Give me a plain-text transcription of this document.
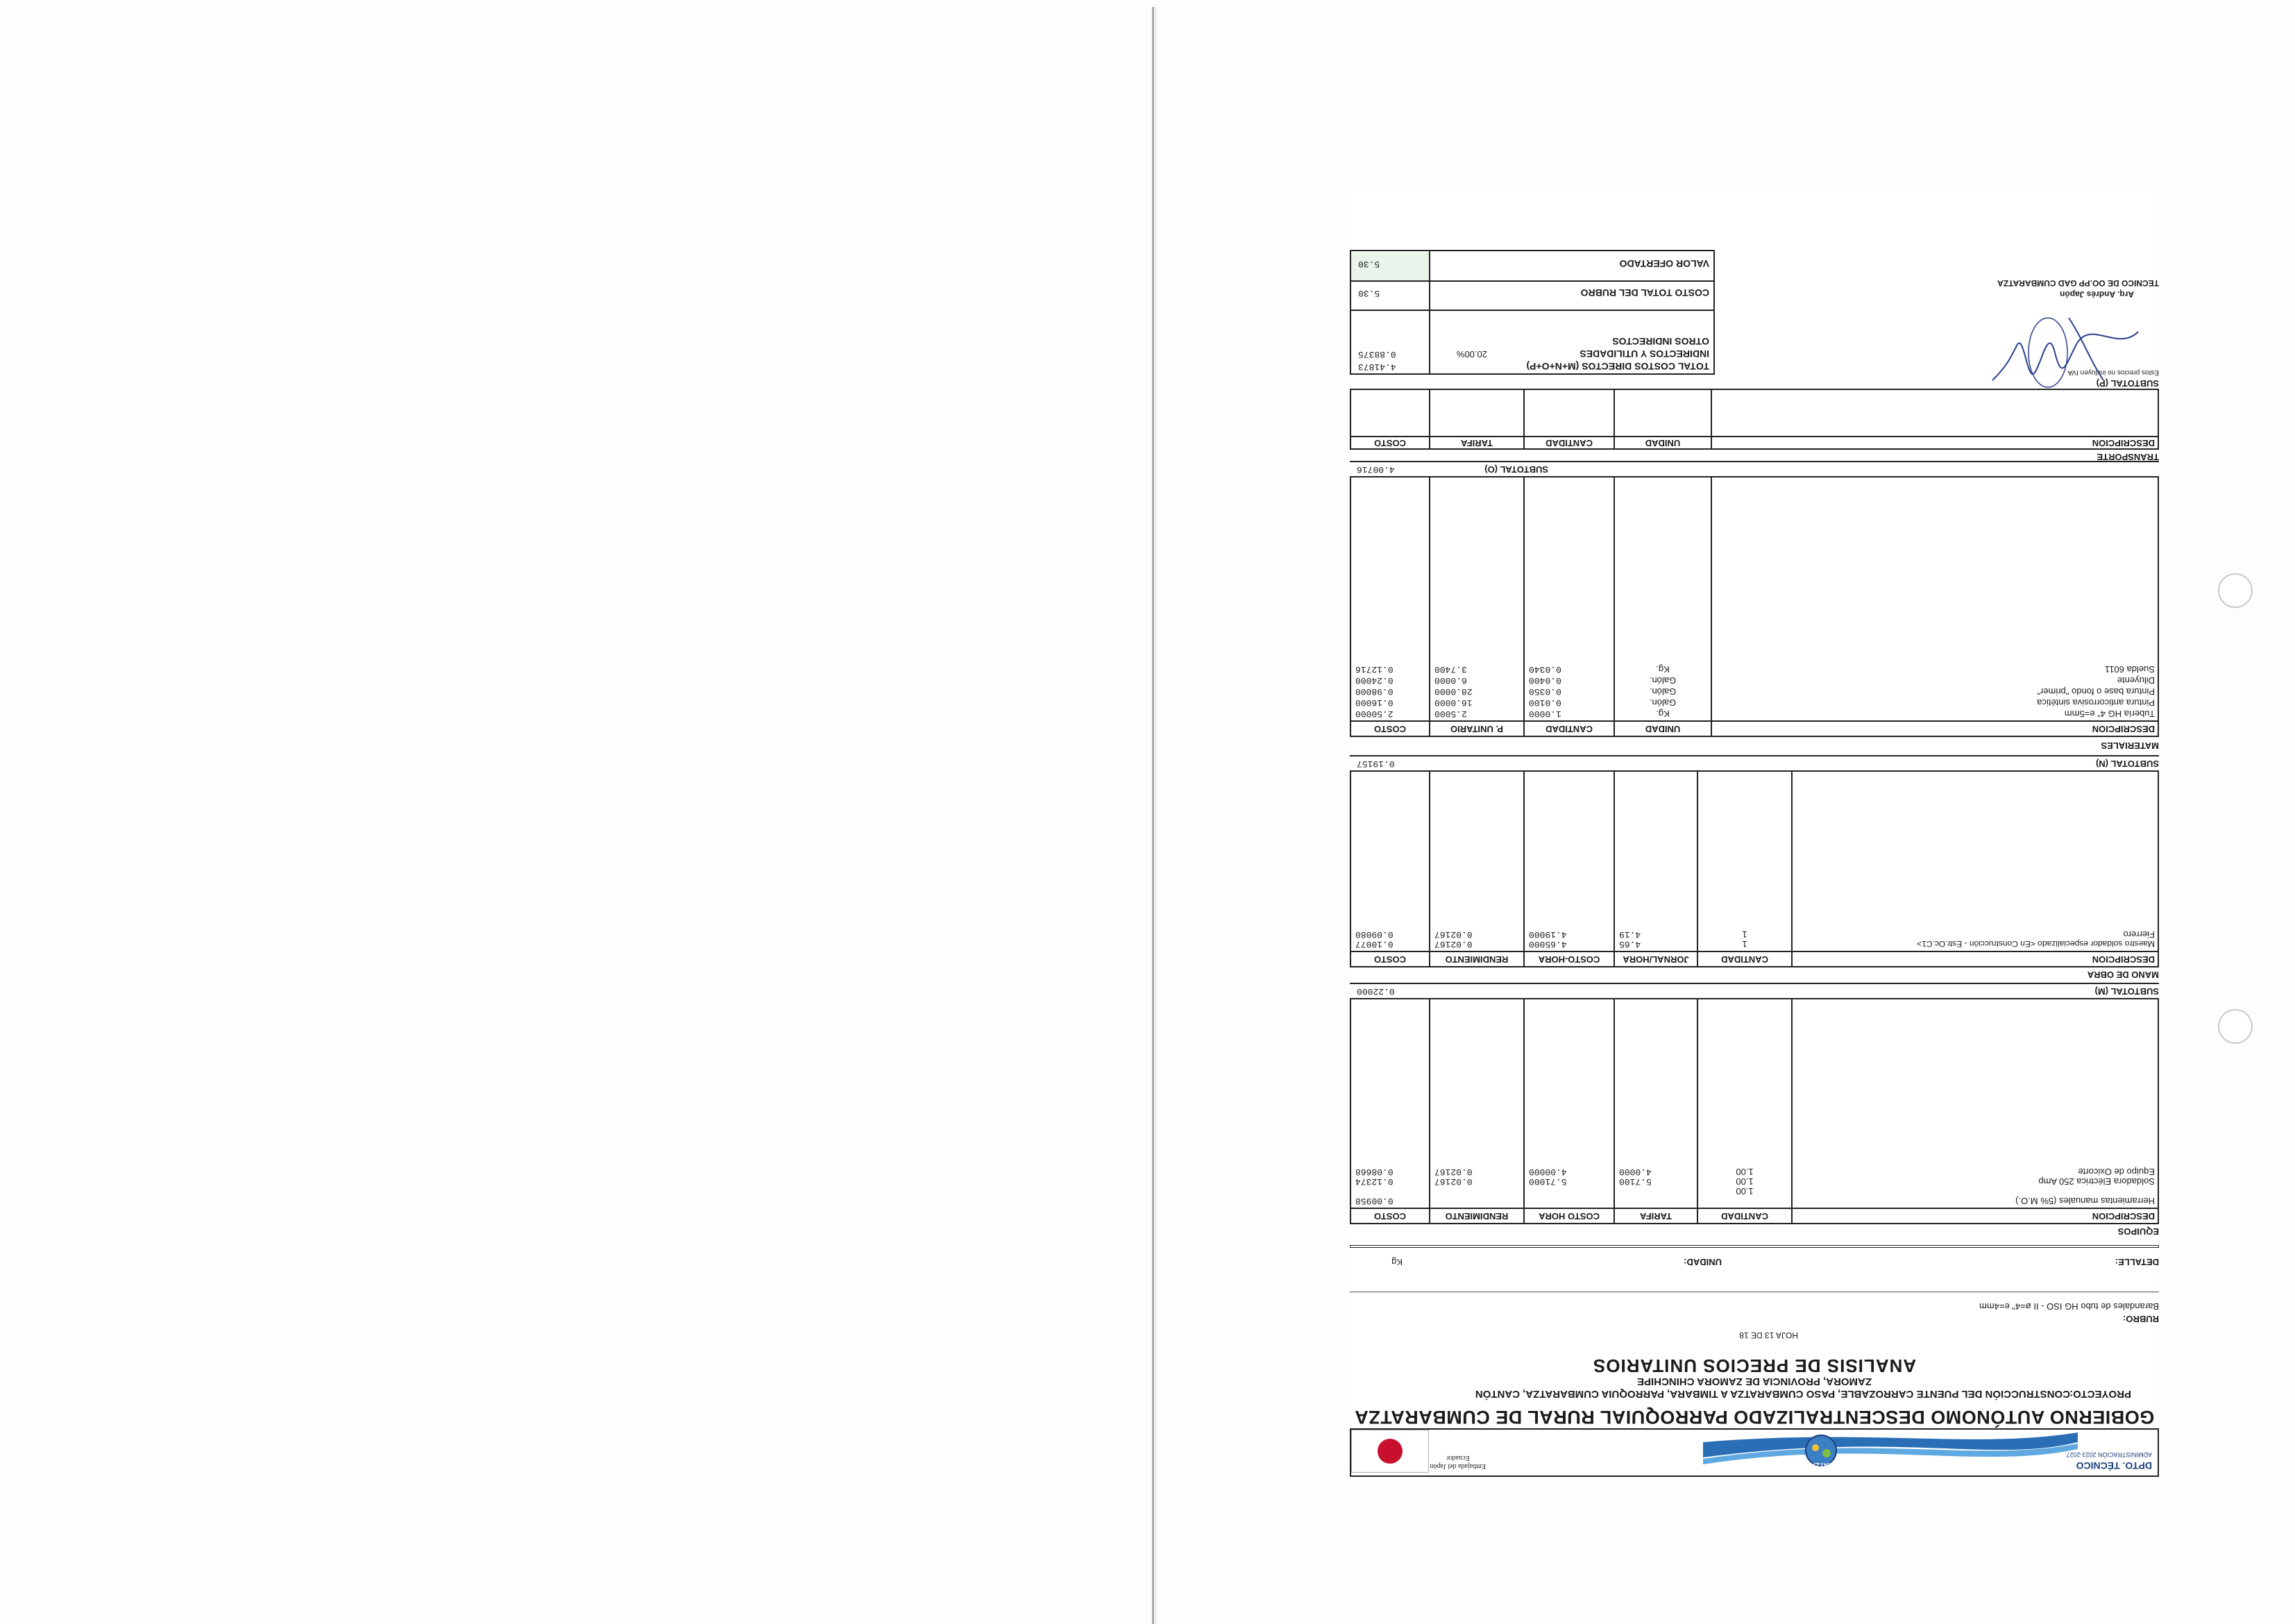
DPTO. TÉCNICO
ADMINISTRACIÓN 2023-2027
CUMBARATZA
Embajada del Japón
Ecuador
GOBIERNO AUTÓNOMO DESCENTRALIZADO PARROQUIAL RURAL DE CUMBARATZA
PROYECTO:
CONSTRUCCIÓN DEL PUENTE CARROZABLE, PASO CUMBARATZA A TIMBARA, PARROQUIA CUMBARATZA, CANTÓN
ZAMORA, PROVINCIA DE ZAMORA CHINCHIPE
ANALISIS DE PRECIOS UNITARIOS
HOJA 13 DE 18
RUBRO:
Barandales de tubo HG ISO - II ø=4" e=4mm
DETALLE:
UNIDAD:
Kg
EQUIPOS
DESCRIPCION
CANTIDAD
TARIFA
COSTO HORA
RENDIMIENTO
COSTO
Herramientas manuales (5% M.O.)
1.00
0.00958
Soldadora Eléctrica 250 Amp
1.00
5.7100
5.71000
0.02167
0.12374
Equipo de Oxicorte
1.00
4.0000
4.00000
0.02167
0.08668
SUBTOTAL (M)
0.22000
MANO DE OBRA
DESCRIPCION
CANTIDAD
JORNAL/HORA
COSTO-HORA
RENDIMIENTO
COSTO
Maestro soldador especializado <En Construcción - Estr.Oc.C1>
1
4.65
4.65000
0.02167
0.10077
Fierrero
1
4.19
4.19000
0.02167
0.09080
SUBTOTAL (N)
0.19157
MATERIALES
DESCRIPCION
UNIDAD
CANTIDAD
P. UNITARIO
COSTO
Tubería HG 4" e=5mm
Kg.
1.0000
2.5000
2.50000
Pintura anticorrosiva sintética
Galón.
0.0100
16.0000
0.16000
Pintura base o fondo "primer"
Galón.
0.0350
28.0000
0.98000
Diluyente
Galón.
0.0400
6.0000
0.24000
Suelda 6011
Kg.
0.0340
3.7400
0.12716
SUBTOTAL (O)
4.00716
TRANSPORTE
DESCRIPCION
UNIDAD
CANTIDAD
TARIFA
COSTO
SUBTOTAL (P)
Estos precios no incluyen IVA
TOTAL COSTOS DIRECTOS (M+N+O+P)
4.41873
INDIRECTOS Y UTILIDADES
20.00%
0.88375
OTROS INDIRECTOS
COSTO TOTAL DEL RUBRO
5.30
VALOR OFERTADO
5.30
Arq. Andrés Japón
TECNICO DE OO.PP GAD CUMBARATZA
